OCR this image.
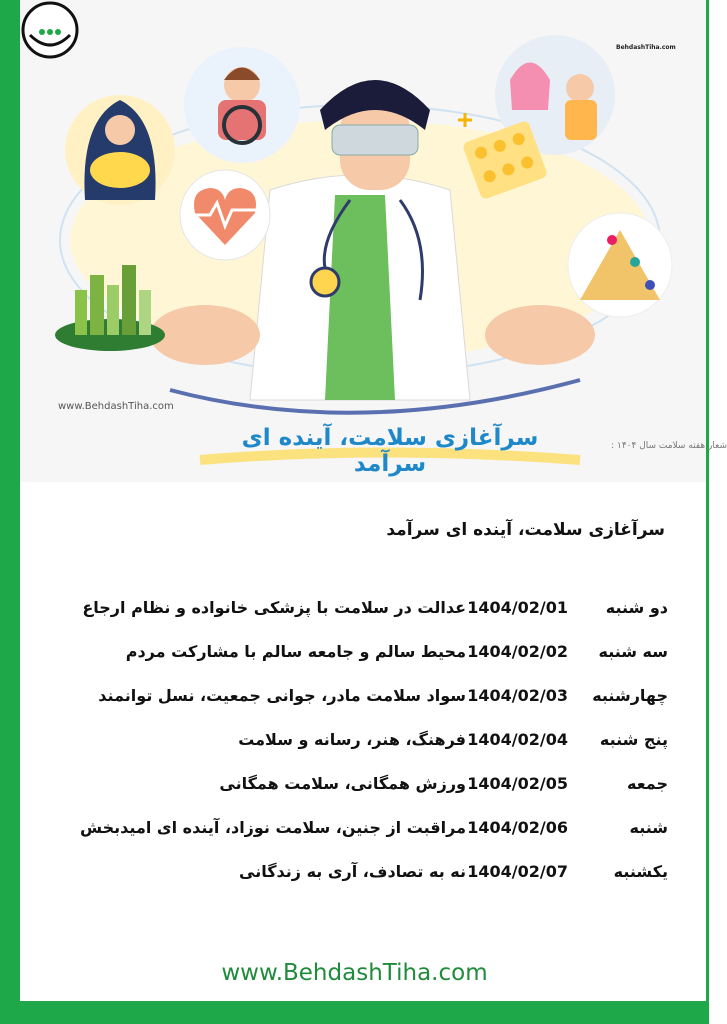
BehdashTiha.com
www.BehdashTiha.com
شعار هفته سلامت سال ۱۴۰۴ :
سرآغازی سلامت، آینده ای سرآمد
سرآغازی سلامت، آینده ای سرآمد
دو شنبه
1404/02/01
عدالت در سلامت با پزشکی خانواده و نظام ارجاع
سه شنبه
1404/02/02
محیط سالم و جامعه سالم با مشارکت مردم
چهارشنبه
1404/02/03
سواد سلامت مادر، جوانی جمعیت، نسل توانمند
پنج شنبه
1404/02/04
فرهنگ، هنر، رسانه و سلامت
جمعه
1404/02/05
ورزش همگانی، سلامت همگانی
شنبه
1404/02/06
مراقبت از جنین، سلامت نوزاد، آینده ای امیدبخش
یکشنبه
1404/02/07
نه به تصادف، آری به زندگانی
www.BehdashTiha.com
